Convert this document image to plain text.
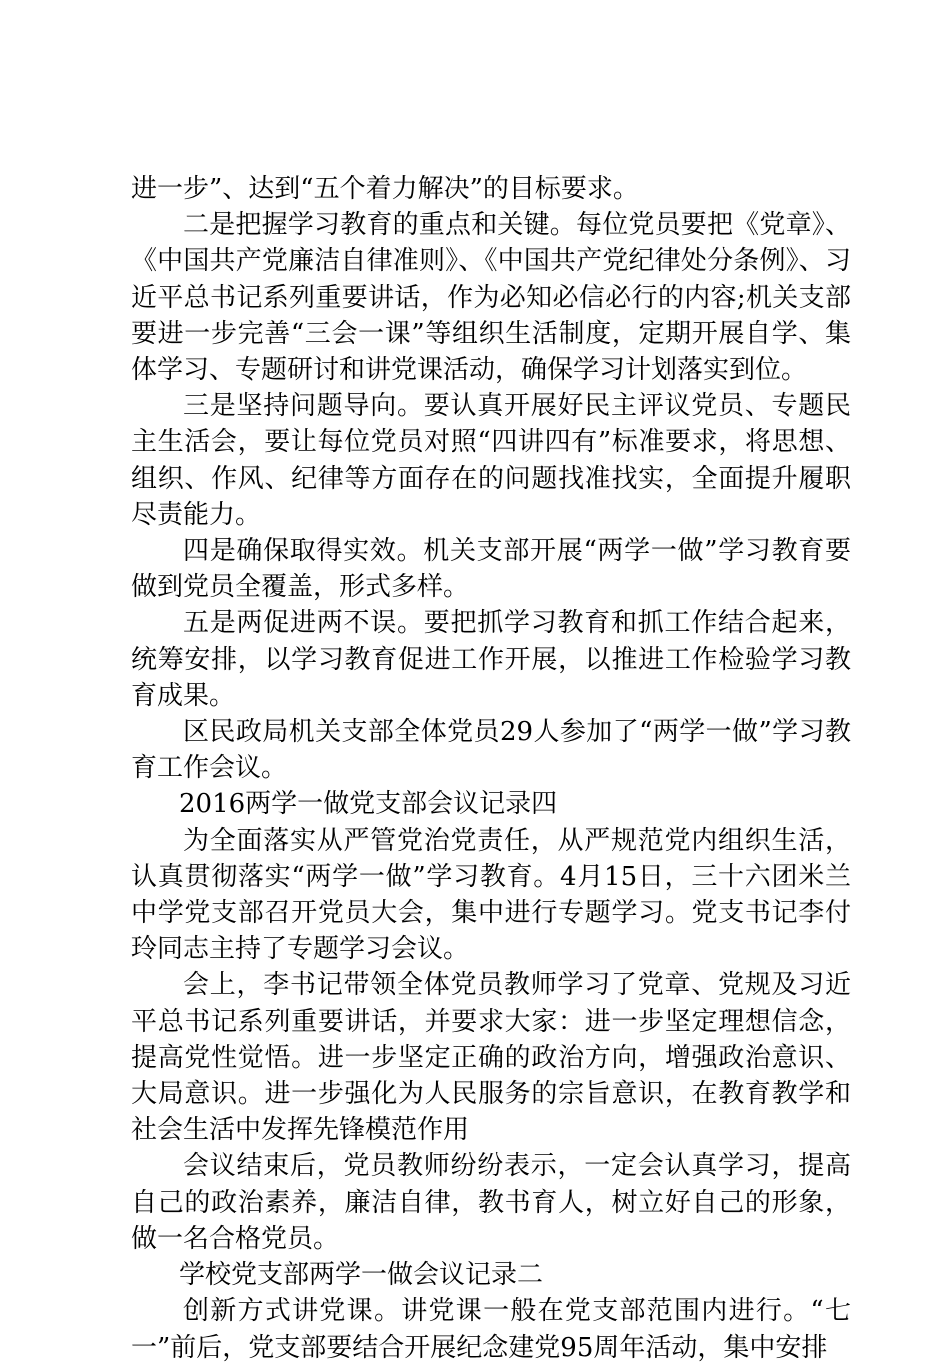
进一步”、达到“五个着力解决”的目标要求。

二是把握学习教育的重点和关键。每位党员要把《党章》、《中国共产党廉洁自律准则》、《中国共产党纪律处分条例》、习近平总书记系列重要讲话，作为必知必信必行的内容;机关支部要进一步完善“三会一课”等组织生活制度，定期开展自学、集体学习、专题研讨和讲党课活动，确保学习计划落实到位。

三是坚持问题导向。要认真开展好民主评议党员、专题民主生活会，要让每位党员对照“四讲四有”标准要求，将思想、组织、作风、纪律等方面存在的问题找准找实，全面提升履职尽责能力。

四是确保取得实效。机关支部开展“两学一做”学习教育要做到党员全覆盖，形式多样。

五是两促进两不误。要把抓学习教育和抓工作结合起来，统筹安排，以学习教育促进工作开展，以推进工作检验学习教育成果。

区民政局机关支部全体党员29人参加了“两学一做”学习教育工作会议。

2016两学一做党支部会议记录四

为全面落实从严管党治党责任，从严规范党内组织生活，认真贯彻落实“两学一做”学习教育。4月15日，三十六团米兰中学党支部召开党员大会，集中进行专题学习。党支书记李付玲同志主持了专题学习会议。

会上，李书记带领全体党员教师学习了党章、党规及习近平总书记系列重要讲话，并要求大家：进一步坚定理想信念，提高党性觉悟。进一步坚定正确的政治方向，增强政治意识、大局意识。进一步强化为人民服务的宗旨意识，在教育教学和社会生活中发挥先锋模范作用

会议结束后，党员教师纷纷表示，一定会认真学习，提高自己的政治素养，廉洁自律，教书育人，树立好自己的形象，做一名合格党员。

学校党支部两学一做会议记录二

创新方式讲党课。讲党课一般在党支部范围内进行。“七一”前后，党支部要结合开展纪念建党95周年活动，集中安排
